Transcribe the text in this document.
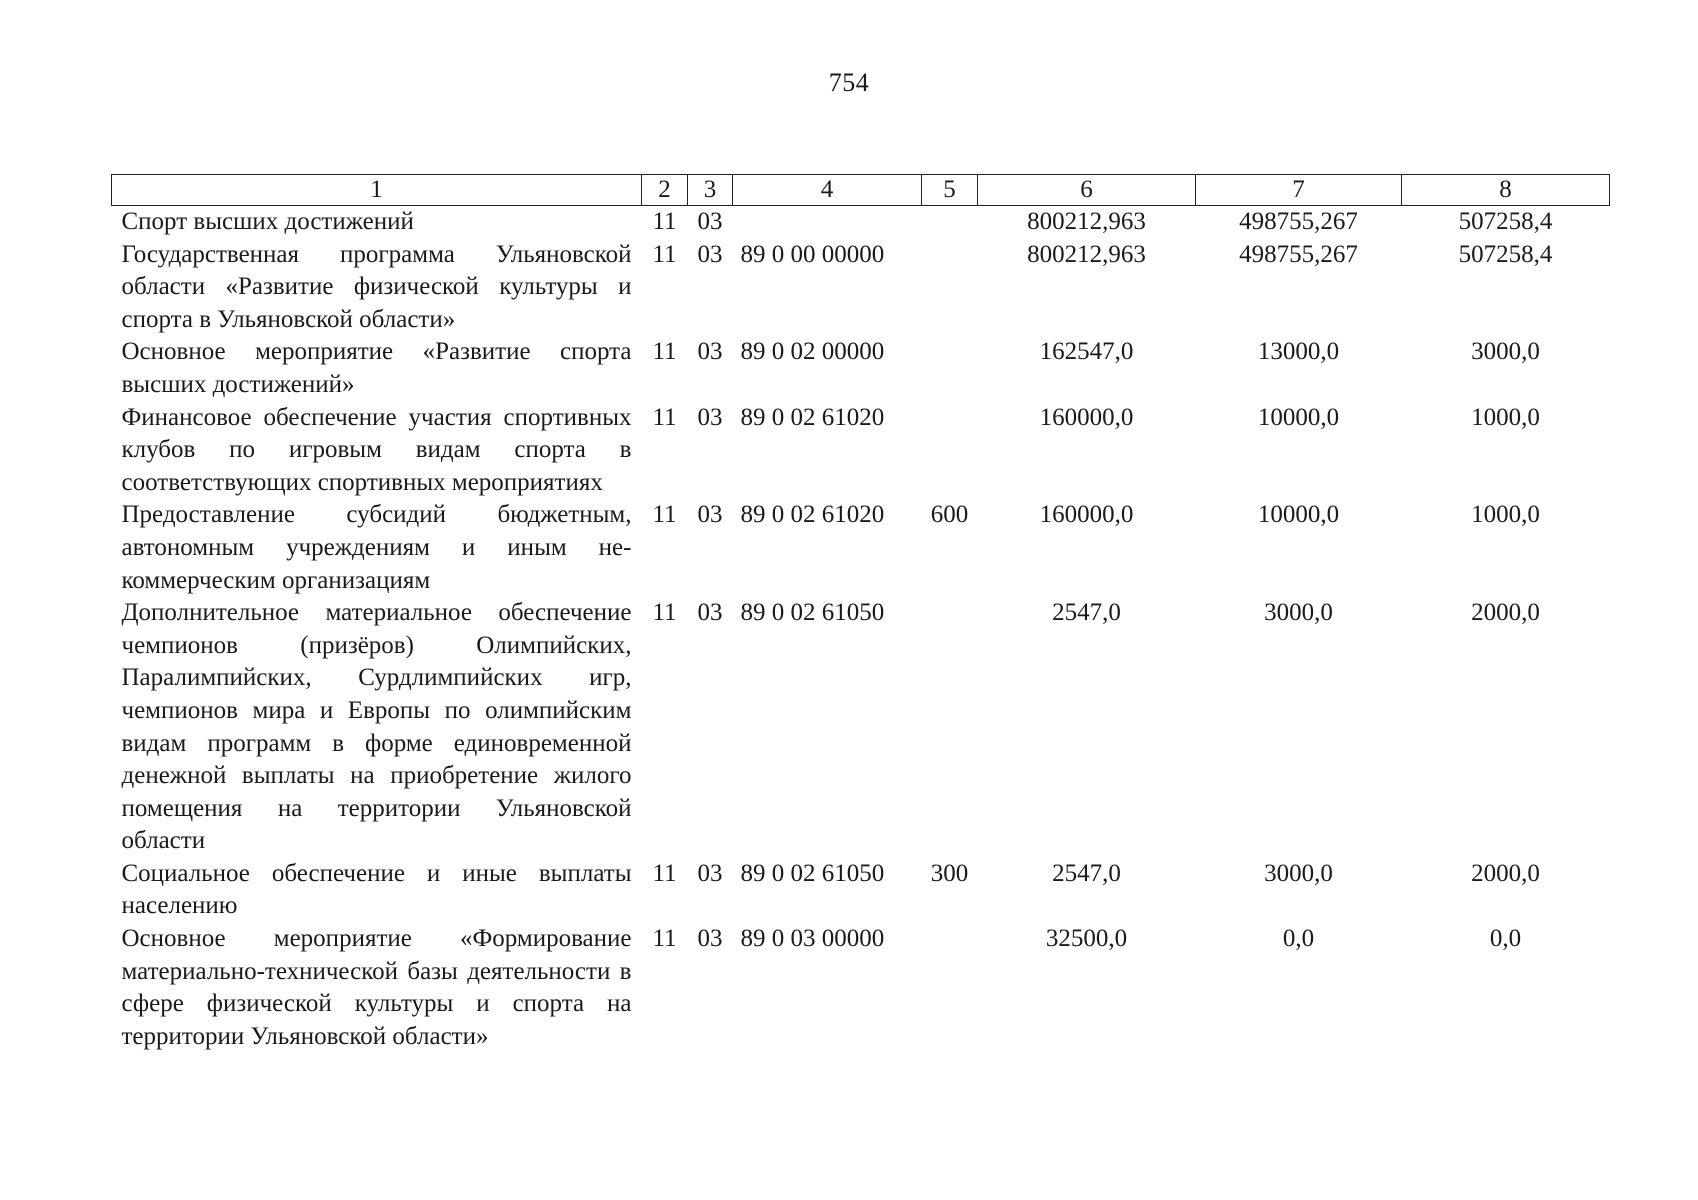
754
1	2	3	4	5	6	7	8
Спорт высших достижений	11	03			800212,963	498755,267	507258,4
Государственная программа Ульяновской области «Развитие физической культуры и спорта в Ульяновской области»	11	03	89 0 00 00000		800212,963	498755,267	507258,4
Основное мероприятие «Развитие спорта высших достижений»	11	03	89 0 02 00000		162547,0	13000,0	3000,0
Финансовое обеспечение участия спортивных клубов по игровым видам спорта в соответствующих спортивных мероприятиях	11	03	89 0 02 61020		160000,0	10000,0	1000,0
Предоставление субсидий бюджетным, автономным учреждениям и иным некоммерческим организациям	11	03	89 0 02 61020	600	160000,0	10000,0	1000,0
Дополнительное материальное обеспечение чемпионов (призёров) Олимпийских, Паралимпийских, Сурдлимпийских игр, чемпионов мира и Европы по олимпийским видам программ в форме единовременной денежной выплаты на приобретение жилого помещения на территории Ульяновской области	11	03	89 0 02 61050		2547,0	3000,0	2000,0
Социальное обеспечение и иные выплаты населению	11	03	89 0 02 61050	300	2547,0	3000,0	2000,0
Основное мероприятие «Формирование материально-технической базы деятельности в сфере физической культуры и спорта на территории Ульяновской области»	11	03	89 0 03 00000		32500,0	0,0	0,0
